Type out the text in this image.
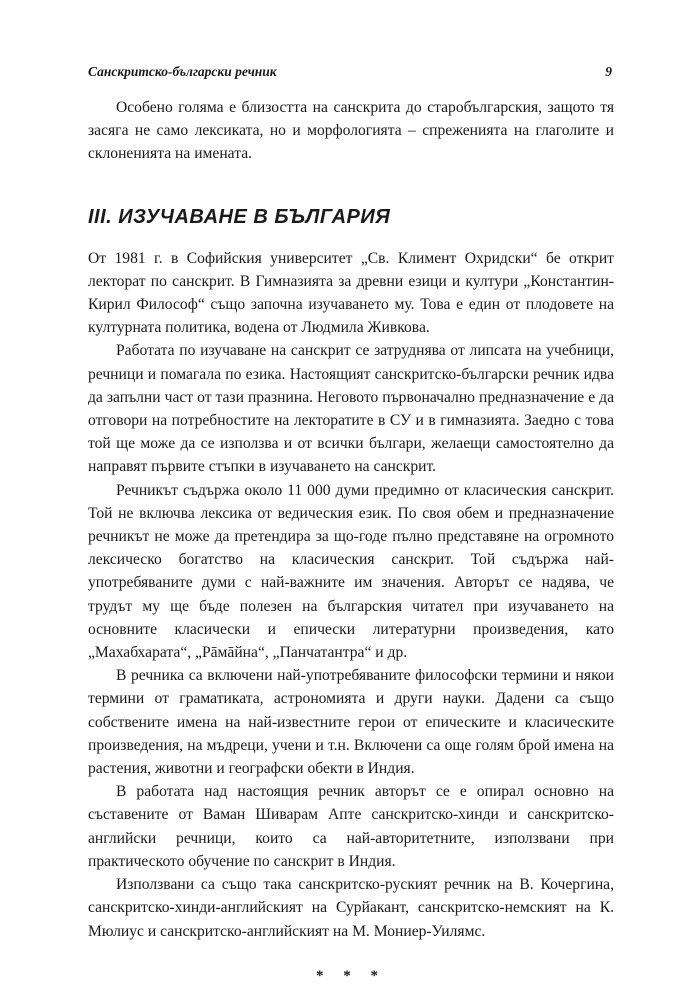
Санскритско-български речник	9

Особено голяма е близостта на санскрита до старобългарския, защото тя засяга не само лексиката, но и морфологията – спреженията на глаголите и склоненията на имената.

III. ИЗУЧАВАНЕ В БЪЛГАРИЯ

От 1981 г. в Софийския университет „Св. Климент Охридски“ бе открит лекторат по санскрит. В Гимназията за древни езици и култури „Константин-Кирил Философ“ също започна изучаването му. Това е един от плодовете на културната политика, водена от Людмила Живкова.

Работата по изучаване на санскрит се затруднява от липсата на учебници, речници и помагала по езика. Настоящият санскритско-български речник идва да запълни част от тази празнина. Неговото първоначално предназначение е да отговори на потребностите на лекторатите в СУ и в гимназията. Заедно с това той ще може да се използва и от всички българи, желаещи самостоятелно да направят първите стъпки в изучаването на санскрит.

Речникът съдържа около 11 000 думи предимно от класическия санскрит. Той не включва лексика от ведическия език. По своя обем и предназначение речникът не може да претендира за що-годе пълно представяне на огромното лексическо богатство на класическия санскрит. Той съдържа най-употребяваните думи с най-важните им значения. Авторът се надява, че трудът му ще бъде полезен на българския читател при изучаването на основните класически и епически литературни произведения, като „Махабхарата“, „Рāмāйна“, „Панчатантра“ и др.

В речника са включени най-употребяваните философски термини и някои термини от граматиката, астрономията и други науки. Дадени са също собствените имена на най-известните герои от епическите и класическите произведения, на мъдреци, учени и т.н. Включени са още голям брой имена на растения, животни и географски обекти в Индия.

В работата над настоящия речник авторът се е опирал основно на съставените от Ваман Шиварам Апте санскритско-хинди и санскритско-английски речници, които са най-авторитетните, използвани при практическото обучение по санскрит в Индия.

Използвани са също така санскритско-руският речник на В. Кочергина, санскритско-хинди-английският на Сурйакант, санскритско-немският на К. Мюлиус и санскритско-английският на М. Мониер-Уилямс.

* * *
